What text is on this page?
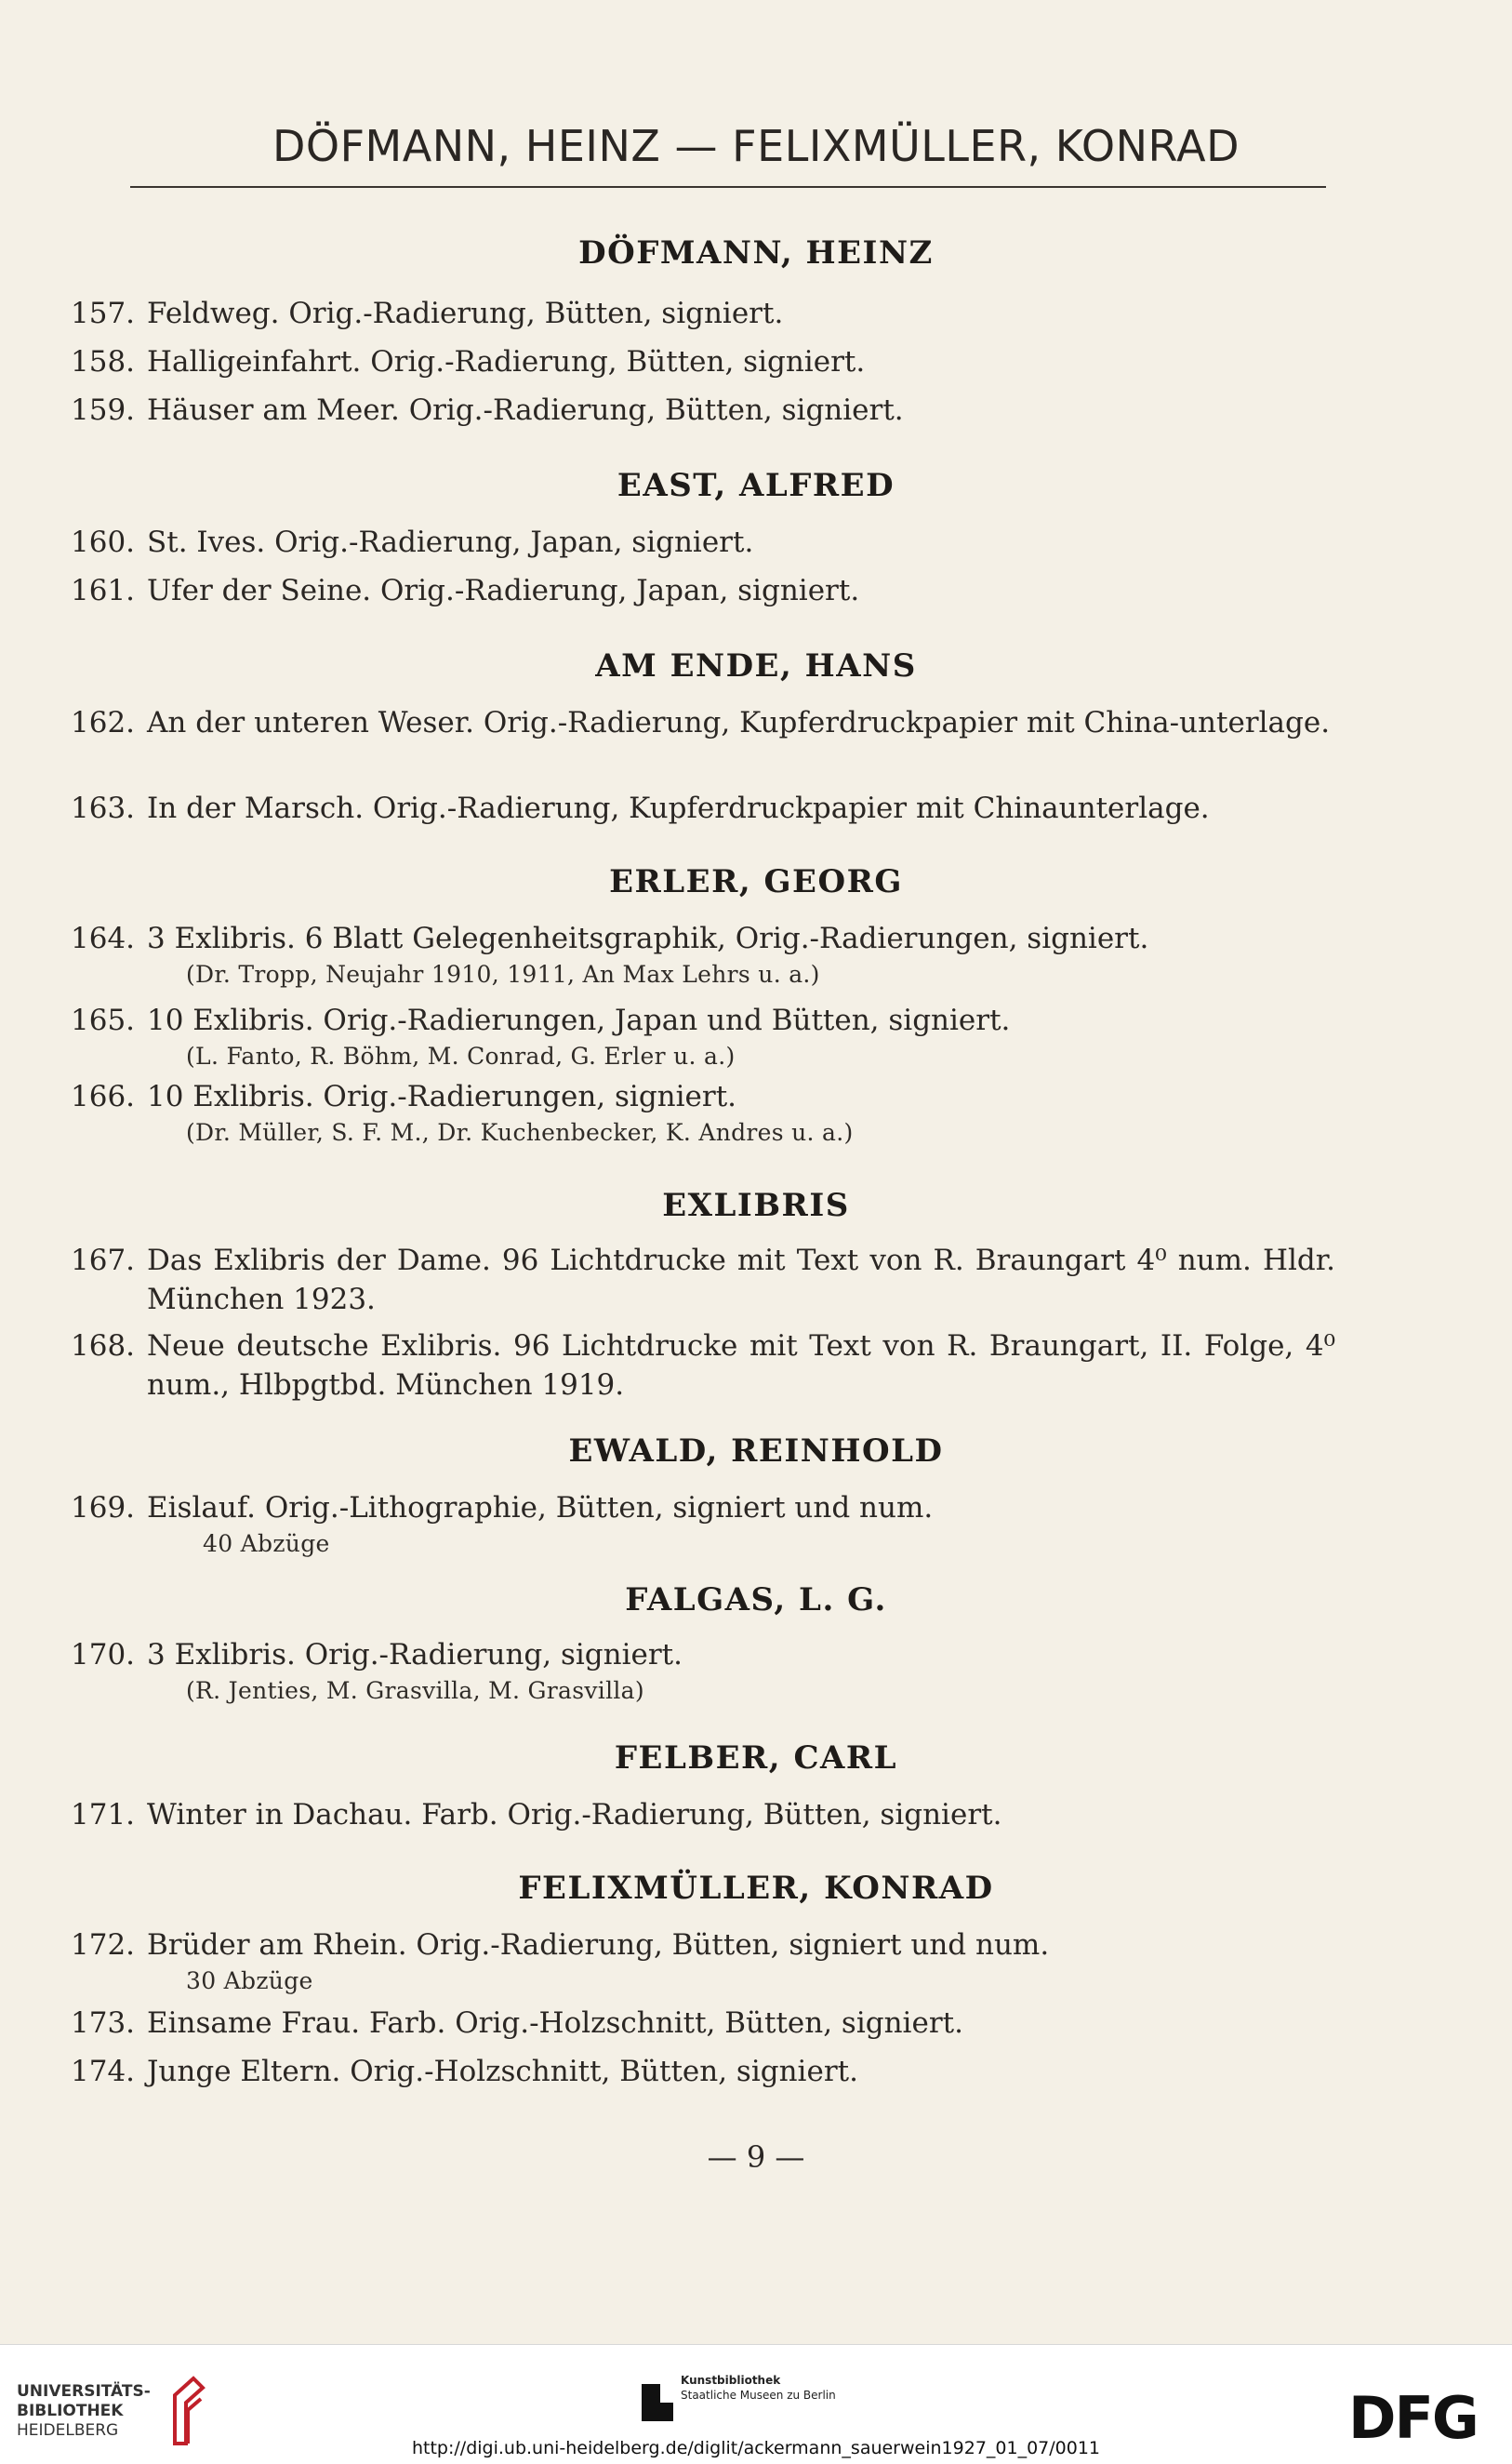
DÖFMANN, HEINZ — FELIXMÜLLER, KONRAD
DÖFMANN, HEINZ
157. Feldweg. Orig.-Radierung, Bütten, signiert.
158. Halligeinfahrt. Orig.-Radierung, Bütten, signiert.
159. Häuser am Meer. Orig.-Radierung, Bütten, signiert.
EAST, ALFRED
160. St. Ives. Orig.-Radierung, Japan, signiert.
161. Ufer der Seine. Orig.-Radierung, Japan, signiert.
AM ENDE, HANS
162. An der unteren Weser. Orig.-Radierung, Kupferdruckpapier mit China-unterlage.
163. In der Marsch. Orig.-Radierung, Kupferdruckpapier mit Chinaunterlage.
ERLER, GEORG
164. 3 Exlibris. 6 Blatt Gelegenheitsgraphik, Orig.-Radierungen, signiert.
(Dr. Tropp, Neujahr 1910, 1911, An Max Lehrs u. a.)
165. 10 Exlibris. Orig.-Radierungen, Japan und Bütten, signiert.
(L. Fanto, R. Böhm, M. Conrad, G. Erler u. a.)
166. 10 Exlibris. Orig.-Radierungen, signiert.
(Dr. Müller, S. F. M., Dr. Kuchenbecker, K. Andres u. a.)
EXLIBRIS
167. Das Exlibris der Dame. 96 Lichtdrucke mit Text von R. Braungart 4⁰ num. Hldr. München 1923.
168. Neue deutsche Exlibris. 96 Lichtdrucke mit Text von R. Braungart, II. Folge, 4⁰ num., Hlbpgtbd. München 1919.
EWALD, REINHOLD
169. Eislauf. Orig.-Lithographie, Bütten, signiert und num.
40 Abzüge
FALGAS, L. G.
170. 3 Exlibris. Orig.-Radierung, signiert.
(R. Jenties, M. Grasvilla, M. Grasvilla)
FELBER, CARL
171. Winter in Dachau. Farb. Orig.-Radierung, Bütten, signiert.
FELIXMÜLLER, KONRAD
172. Brüder am Rhein. Orig.-Radierung, Bütten, signiert und num.
30 Abzüge
173. Einsame Frau. Farb. Orig.-Holzschnitt, Bütten, signiert.
174. Junge Eltern. Orig.-Holzschnitt, Bütten, signiert.
— 9 —
UNIVERSITÄTS-
BIBLIOTHEK
HEIDELBERG
Kunstbibliothek
Staatliche Museen zu Berlin	DFG
http://digi.ub.uni-heidelberg.de/diglit/ackermann_sauerwein1927_01_07/0011
